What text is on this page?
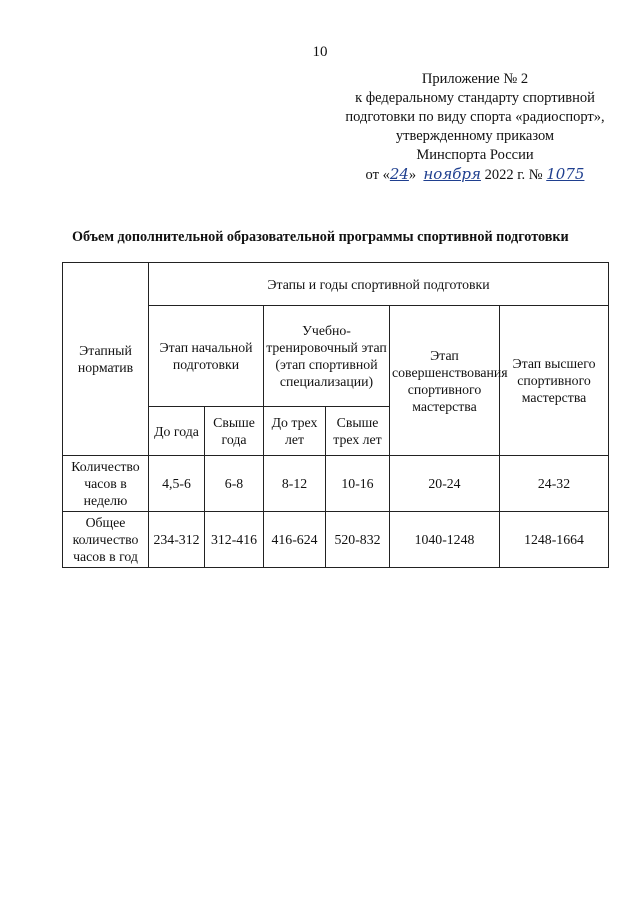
10
Приложение № 2
к федеральному стандарту спортивной
подготовки по виду спорта «радиоспорт»,
утвержденному приказом
Минспорта России
от «24» ноября 2022 г. № 1075
Объем дополнительной образовательной программы спортивной подготовки
Этапный норматив	Этапы и годы спортивной подготовки					
	Этап начальной подготовки		Учебно-тренировочный этап (этап спортивной специализации)		Этап совершенствования спортивного мастерства	Этап высшего спортивного мастерства
	До года	Свыше года	До трех лет	Свыше трех лет		
Количество часов в неделю	4,5-6	6-8	8-12	10-16	20-24	24-32
Общее количество часов в год	234-312	312-416	416-624	520-832	1040-1248	1248-1664
